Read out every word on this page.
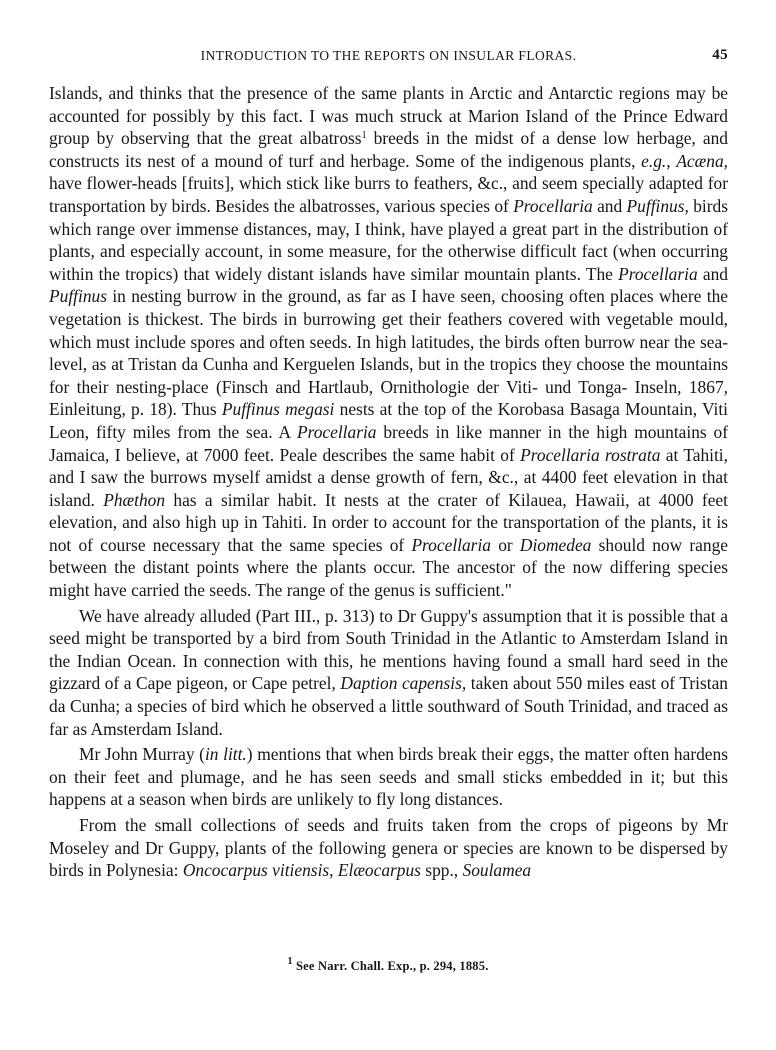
INTRODUCTION TO THE REPORTS ON INSULAR FLORAS.	45

Islands, and thinks that the presence of the same plants in Arctic and Antarctic regions may be accounted for possibly by this fact. I was much struck at Marion Island of the Prince Edward group by observing that the great albatross$^1$ breeds in the midst of a dense low herbage, and constructs its nest of a mound of turf and herbage. Some of the indigenous plants, e.g., Acæna, have flower-heads [fruits], which stick like burrs to feathers, &c., and seem specially adapted for transportation by birds. Besides the albatrosses, various species of Procellaria and Puffinus, birds which range over immense distances, may, I think, have played a great part in the distribution of plants, and especially account, in some measure, for the otherwise difficult fact (when occurring within the tropics) that widely distant islands have similar mountain plants. The Procellaria and Puffinus in nesting burrow in the ground, as far as I have seen, choosing often places where the vegetation is thickest. The birds in burrowing get their feathers covered with vegetable mould, which must include spores and often seeds. In high latitudes, the birds often burrow near the sea-level, as at Tristan da Cunha and Kerguelen Islands, but in the tropics they choose the mountains for their nesting-place (Finsch and Hartlaub, Ornithologie der Viti- und Tonga- Inseln, 1867, Einleitung, p. 18). Thus Puffinus megasi nests at the top of the Korobasa Basaga Mountain, Viti Leon, fifty miles from the sea. A Procellaria breeds in like manner in the high mountains of Jamaica, I believe, at 7000 feet. Peale describes the same habit of Procellaria rostrata at Tahiti, and I saw the burrows myself amidst a dense growth of fern, &c., at 4400 feet elevation in that island. Phæthon has a similar habit. It nests at the crater of Kilauea, Hawaii, at 4000 feet elevation, and also high up in Tahiti. In order to account for the transportation of the plants, it is not of course necessary that the same species of Procellaria or Diomedea should now range between the distant points where the plants occur. The ancestor of the now differing species might have carried the seeds. The range of the genus is sufficient."

We have already alluded (Part III., p. 313) to Dr Guppy's assumption that it is possible that a seed might be transported by a bird from South Trinidad in the Atlantic to Amsterdam Island in the Indian Ocean. In connection with this, he mentions having found a small hard seed in the gizzard of a Cape pigeon, or Cape petrel, Daption capensis, taken about 550 miles east of Tristan da Cunha; a species of bird which he observed a little southward of South Trinidad, and traced as far as Amsterdam Island.

Mr John Murray (in litt.) mentions that when birds break their eggs, the matter often hardens on their feet and plumage, and he has seen seeds and small sticks embedded in it; but this happens at a season when birds are unlikely to fly long distances.

From the small collections of seeds and fruits taken from the crops of pigeons by Mr Moseley and Dr Guppy, plants of the following genera or species are known to be dispersed by birds in Polynesia: Oncocarpus vitiensis, Elæocarpus spp., Soulamea

$^1$ See Narr. Chall. Exp., p. 294, 1885.
